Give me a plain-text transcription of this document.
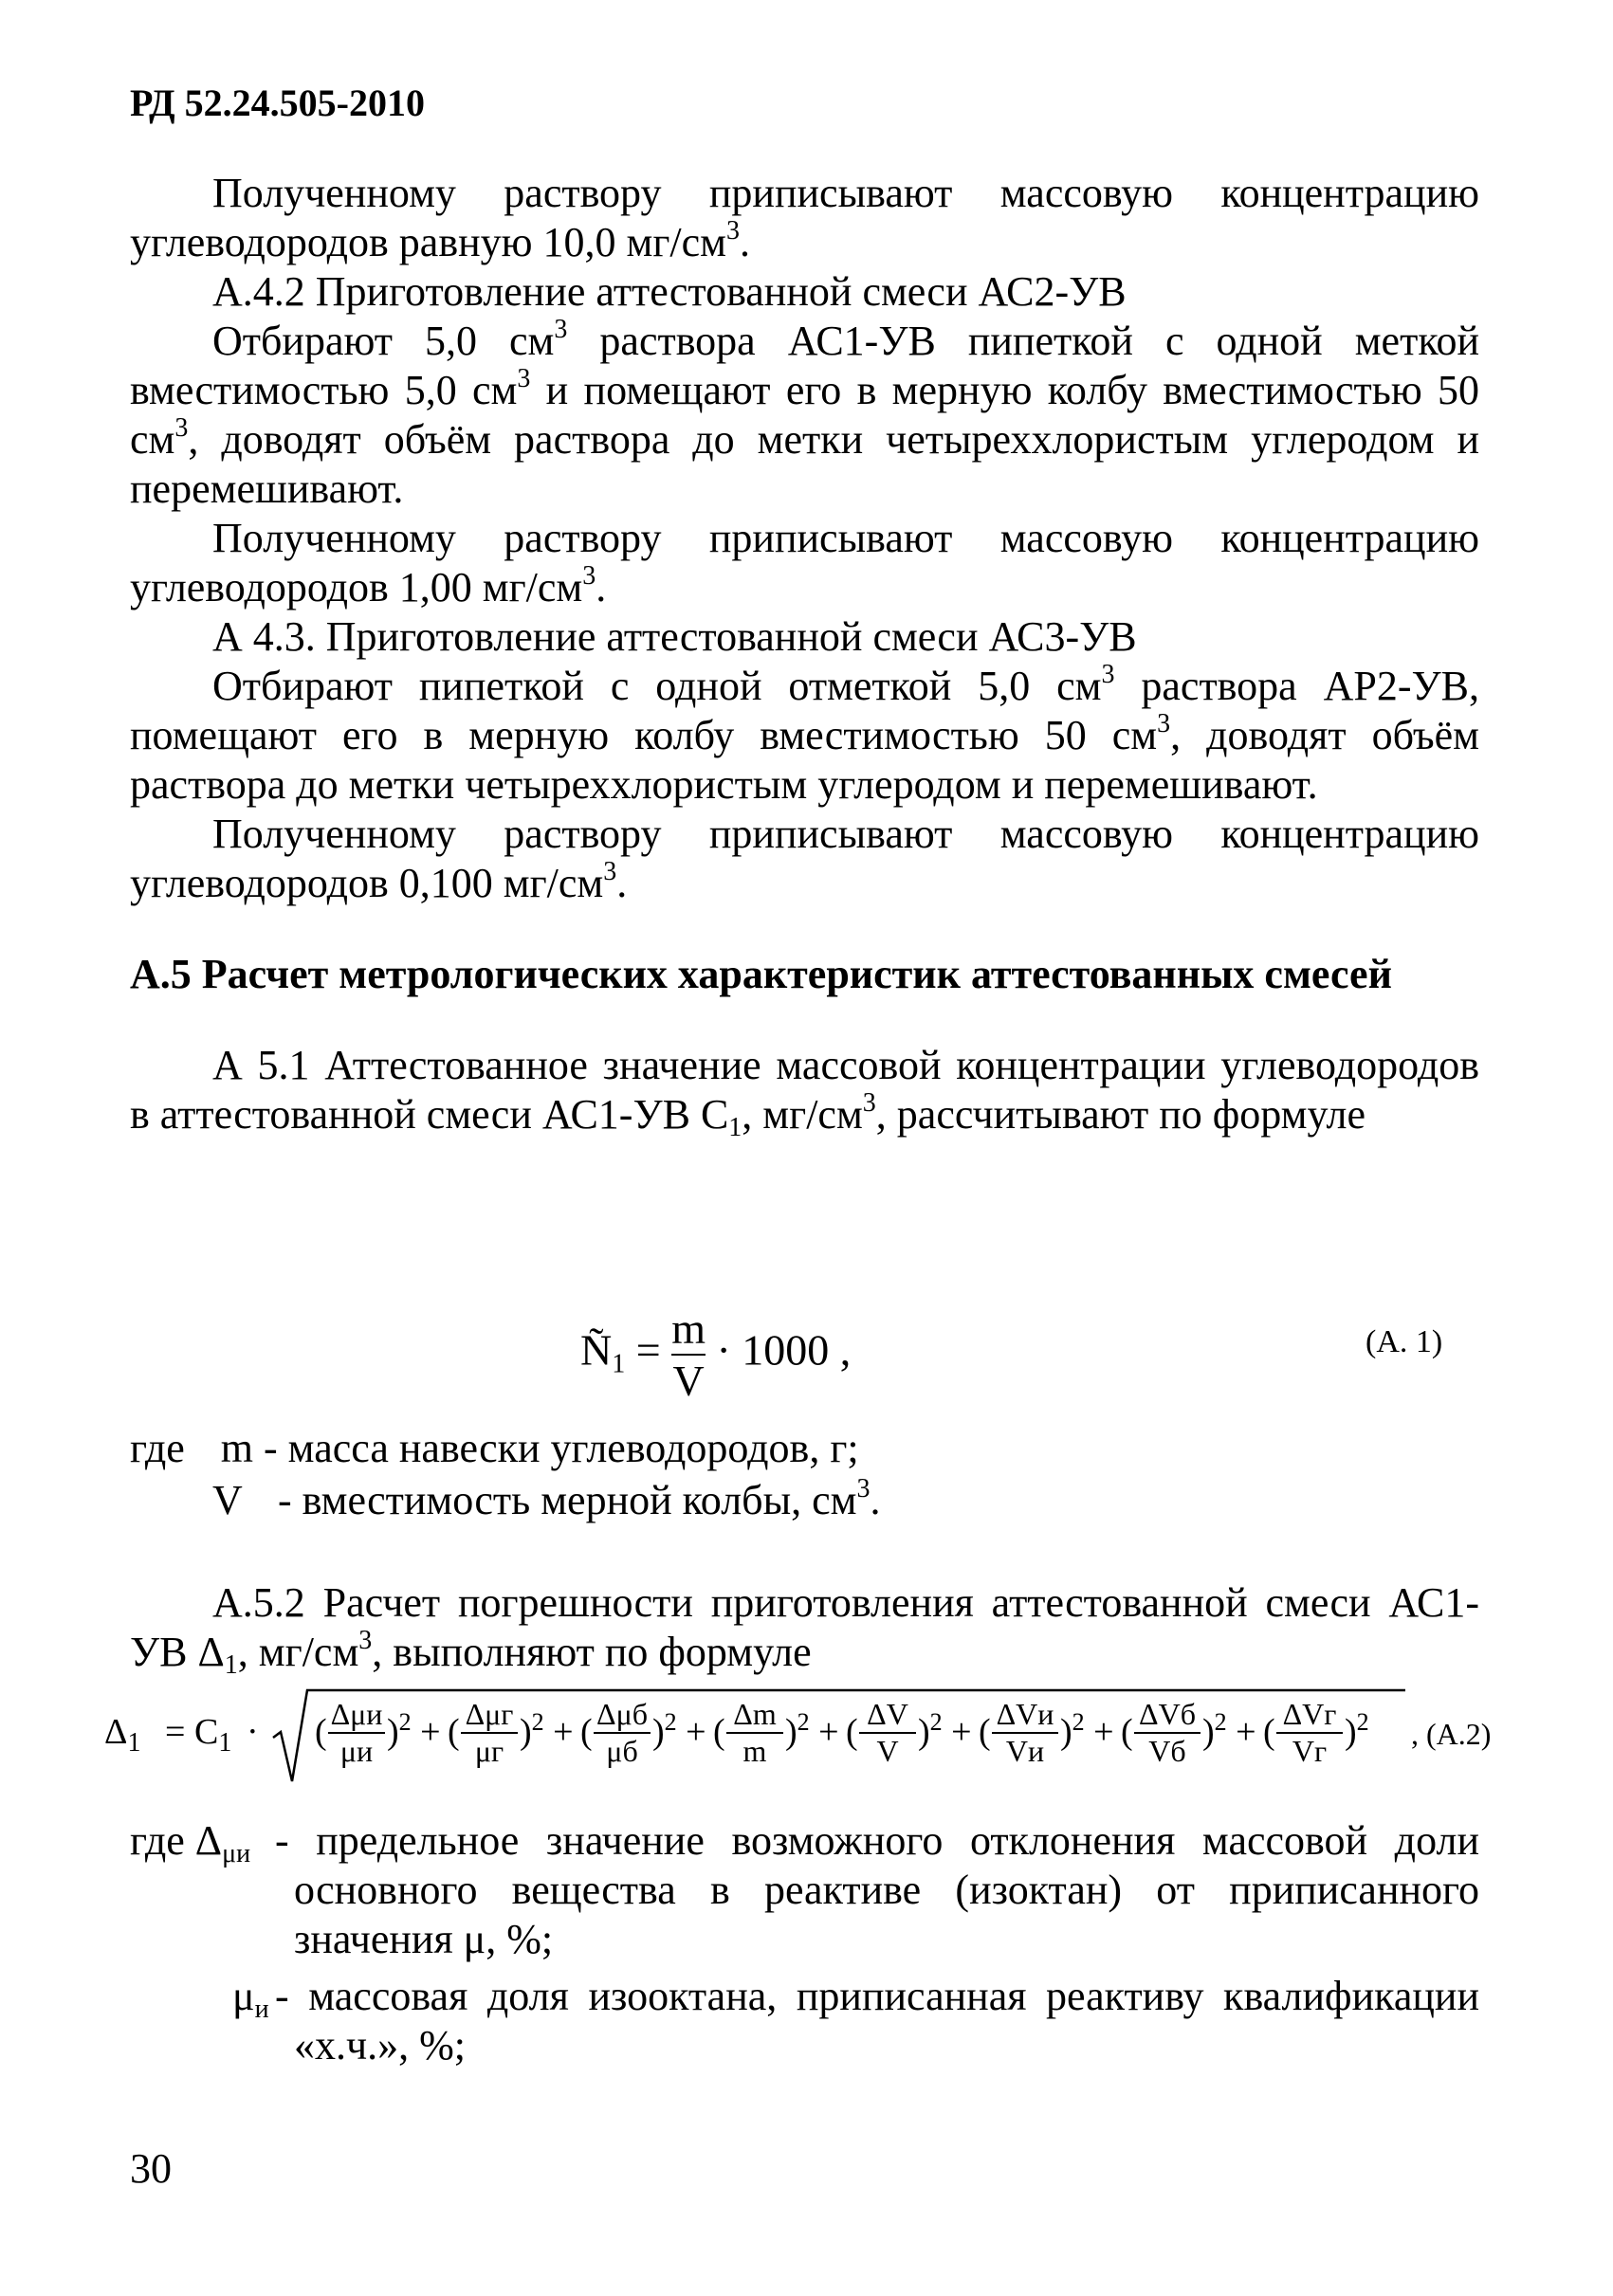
РД 52.24.505-2010

Полученному раствору приписывают массовую концентрацию углеводородов равную 10,0 $мг/см^3$.

А.4.2 Приготовление аттестованной смеси АС2-УВ

Отбирают 5,0 $см^3$ раствора АС1-УВ пипеткой с одной меткой вместимостью 5,0 $см^3$ и помещают его в мерную колбу вместимостью 50 $см^3$, доводят объём раствора до метки четыреххлористым углеродом и перемешивают.

Полученному раствору приписывают массовую концентрацию углеводородов 1,00 $мг/см^3$.

А 4.3. Приготовление аттестованной смеси АС3-УВ

Отбирают пипеткой с одной отметкой 5,0 $см^3$ раствора АР2-УВ, помещают его в мерную колбу вместимостью 50 $см^3$, доводят объём раствора до метки четыреххлористым углеродом и перемешивают.

Полученному раствору приписывают массовую концентрацию углеводородов 0,100 $мг/см^3$.

А.5 Расчет метрологических характеристик аттестованных смесей

А 5.1 Аттестованное значение массовой концентрации углеводородов в аттестованной смеси АС1-УВ $С_1$, $мг/см^3$, рассчитывают по формуле

$Ñ_1 = \frac{m}{V} \cdot 1000$ ,	(А. 1)
где m - масса навески углеводородов, г;
V - вместимость мерной колбы, $см^3$.

А.5.2 Расчет погрешности приготовления аттестованной смеси АС1-УВ $\Delta_1$, $мг/см^3$, выполняют по формуле

$\Delta_1 = C_1$ · ( Δμи
μи )$^2$ + ( Δμг
μг )$^2$ + ( Δμб
μб )$^2$ + ( Δm
m )$^2$ + ( ΔV
V )$^2$ + ( ΔVи
Vи )$^2$ + ( ΔVб
Vб )$^2$ + ( ΔVг
Vг )$^2$ , (А.2)
где $\Delta_{\mu и}$ - предельное значение возможного отклонения массовой доли основного вещества в реактиве (изоктан) от приписанного значения μ, %;
$\mu_и$ - массовая доля изооктана, приписанная реактиву квалификации «х.ч.», %;
30
